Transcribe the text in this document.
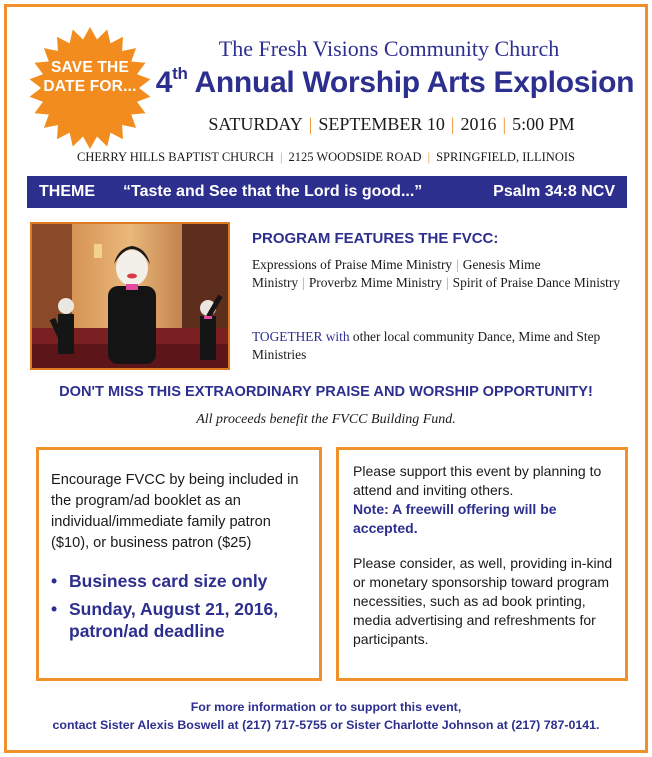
SAVE THE
DATE FOR...
The Fresh Visions Community Church
4th Annual Worship Arts Explosion
SATURDAY | SEPTEMBER 10 | 2016 | 5:00 PM
CHERRY HILLS BAPTIST CHURCH | 2125 WOODSIDE ROAD | SPRINGFIELD, ILLINOIS
THEME “Taste and See that the Lord is good...”	Psalm 34:8 NCV
PROGRAM FEATURES THE FVCC:
Expressions of Praise Mime Ministry | Genesis Mime Ministry | Proverbz Mime Ministry | Spirit of Praise Dance Ministry
TOGETHER with other local community Dance, Mime and Step Ministries
DON'T MISS THIS EXTRAORDINARY PRAISE AND WORSHIP OPPORTUNITY!
All proceeds benefit the FVCC Building Fund.
Encourage FVCC by being included in the program/ad booklet as an individual/immediate family patron ($10), or business patron ($25)
• Business card size only
• Sunday, August 21, 2016, patron/ad deadline
Please support this event by planning to attend and inviting others.
Note: A freewill offering will be accepted.
Please consider, as well, providing in-kind or monetary sponsorship toward program necessities, such as ad book printing, media advertising and refreshments for participants.
For more information or to support this event,
contact Sister Alexis Boswell at (217) 717-5755 or Sister Charlotte Johnson at (217) 787-0141.
